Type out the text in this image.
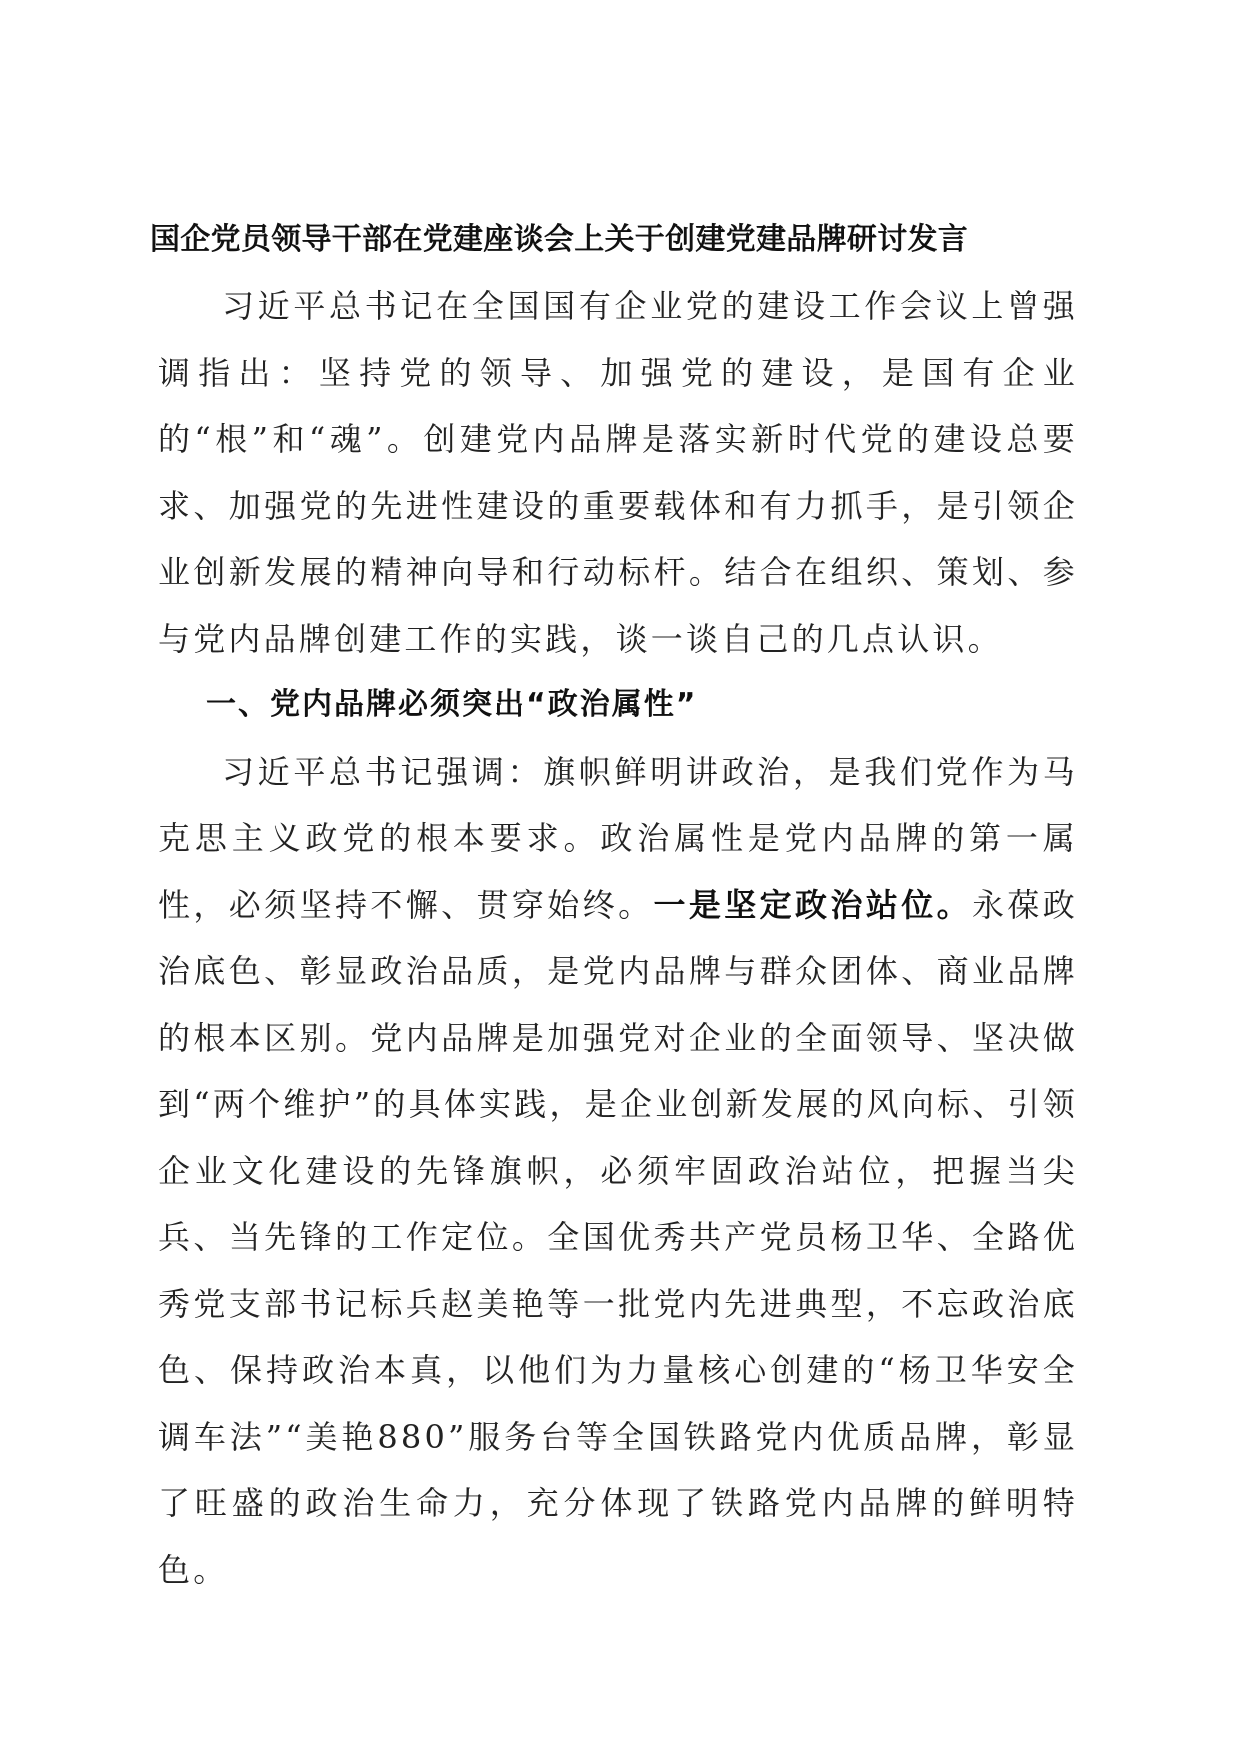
国企党员领导干部在党建座谈会上关于创建党建品牌研讨发言

习近平总书记在全国国有企业党的建设工作会议上曾强调指出：坚持党的领导、加强党的建设，是国有企业的“根”和“魂”。创建党内品牌是落实新时代党的建设总要求、加强党的先进性建设的重要载体和有力抓手，是引领企业创新发展的精神向导和行动标杆。结合在组织、策划、参与党内品牌创建工作的实践，谈一谈自己的几点认识。

一、党内品牌必须突出“政治属性”

习近平总书记强调：旗帜鲜明讲政治，是我们党作为马克思主义政党的根本要求。政治属性是党内品牌的第一属性，必须坚持不懈、贯穿始终。一是坚定政治站位。永葆政治底色、彰显政治品质，是党内品牌与群众团体、商业品牌的根本区别。党内品牌是加强党对企业的全面领导、坚决做到“两个维护”的具体实践，是企业创新发展的风向标、引领企业文化建设的先锋旗帜，必须牢固政治站位，把握当尖兵、当先锋的工作定位。全国优秀共产党员杨卫华、全路优秀党支部书记标兵赵美艳等一批党内先进典型，不忘政治底色、保持政治本真，以他们为力量核心创建的“杨卫华安全调车法”“美艳880”服务台等全国铁路党内优质品牌，彰显了旺盛的政治生命力，充分体现了铁路党内品牌的鲜明特色。
